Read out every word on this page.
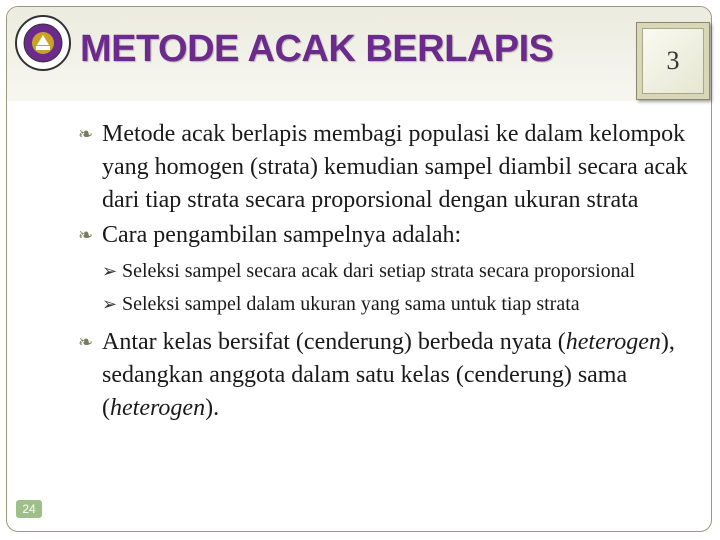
METODE ACAK BERLAPIS	3

❧ Metode acak berlapis membagi populasi ke dalam kelompok yang homogen (strata) kemudian sampel diambil secara acak dari tiap strata secara proporsional dengan ukuran strata

❧ Cara pengambilan sampelnya adalah:

➢ Seleksi sampel secara acak dari setiap strata secara proporsional

➢ Seleksi sampel dalam ukuran yang sama untuk tiap strata

❧ Antar kelas bersifat (cenderung) berbeda nyata (heterogen), sedangkan anggota dalam satu kelas (cenderung) sama (heterogen).

24
